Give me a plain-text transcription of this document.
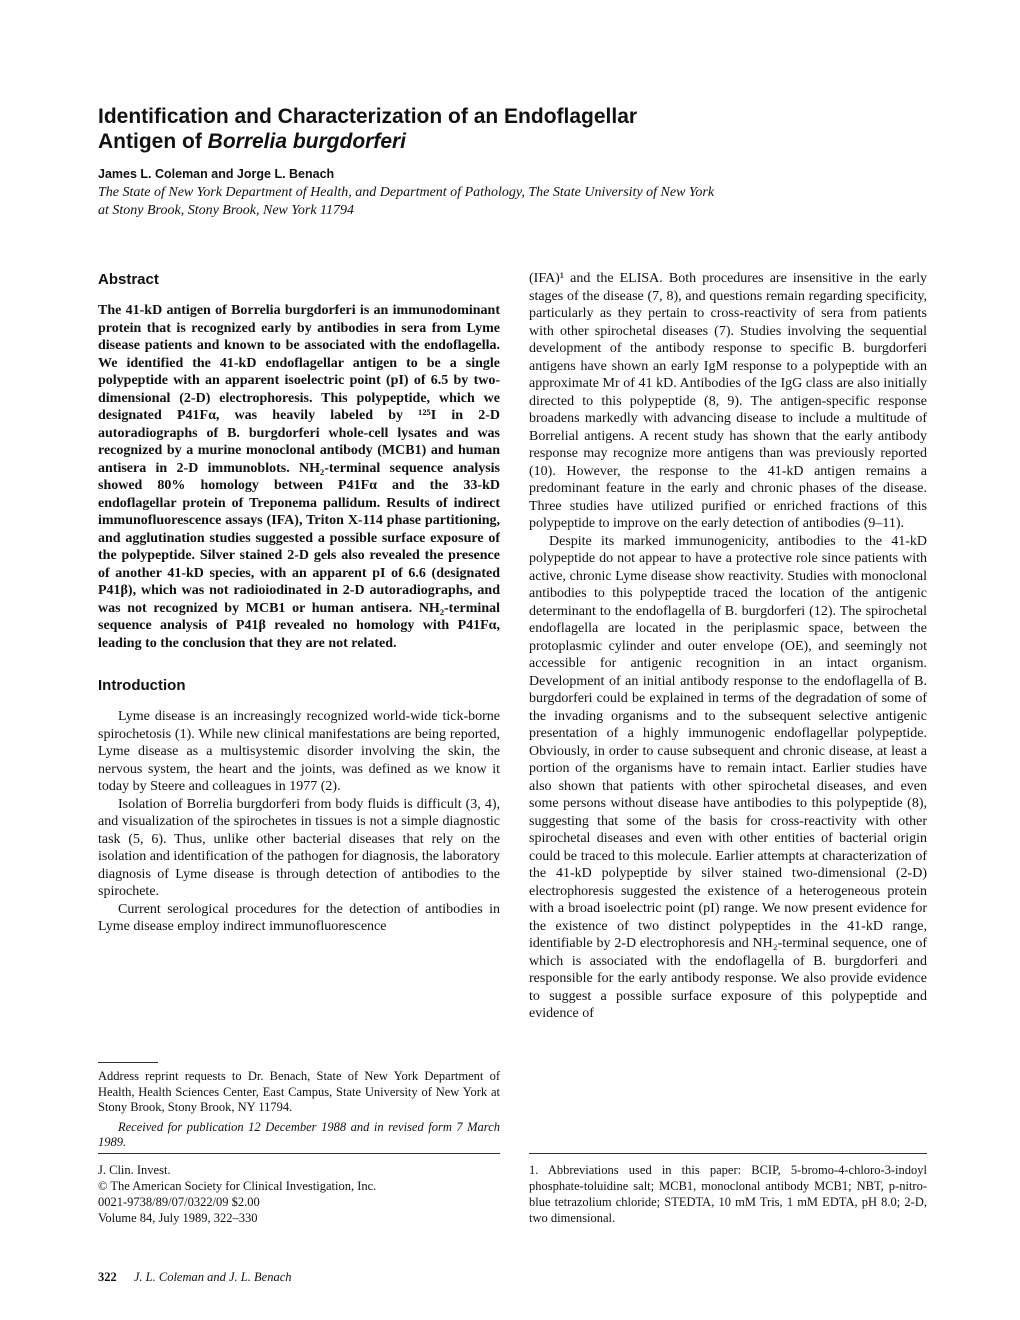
Identification and Characterization of an Endoflagellar
Antigen of Borrelia burgdorferi
James L. Coleman and Jorge L. Benach
The State of New York Department of Health, and Department of Pathology, The State University of New York
at Stony Brook, Stony Brook, New York 11794
Abstract

The 41-kD antigen of Borrelia burgdorferi is an immunodominant protein that is recognized early by antibodies in sera from Lyme disease patients and known to be associated with the endoflagella. We identified the 41-kD endoflagellar antigen to be a single polypeptide with an apparent isoelectric point (pI) of 6.5 by two-dimensional (2-D) electrophoresis. This polypeptide, which we designated P41Fα, was heavily labeled by ¹²⁵I in 2-D autoradiographs of B. burgdorferi whole-cell lysates and was recognized by a murine monoclonal antibody (MCB1) and human antisera in 2-D immunoblots. NH₂-terminal sequence analysis showed 80% homology between P41Fα and the 33-kD endoflagellar protein of Treponema pallidum. Results of indirect immunofluorescence assays (IFA), Triton X-114 phase partitioning, and agglutination studies suggested a possible surface exposure of the polypeptide. Silver stained 2-D gels also revealed the presence of another 41-kD species, with an apparent pI of 6.6 (designated P41β), which was not radioiodinated in 2-D autoradiographs, and was not recognized by MCB1 or human antisera. NH₂-terminal sequence analysis of P41β revealed no homology with P41Fα, leading to the conclusion that they are not related.

Introduction

Lyme disease is an increasingly recognized world-wide tick-borne spirochetosis (1). While new clinical manifestations are being reported, Lyme disease as a multisystemic disorder involving the skin, the nervous system, the heart and the joints, was defined as we know it today by Steere and colleagues in 1977 (2).

Isolation of Borrelia burgdorferi from body fluids is difficult (3, 4), and visualization of the spirochetes in tissues is not a simple diagnostic task (5, 6). Thus, unlike other bacterial diseases that rely on the isolation and identification of the pathogen for diagnosis, the laboratory diagnosis of Lyme disease is through detection of antibodies to the spirochete.

Current serological procedures for the detection of antibodies in Lyme disease employ indirect immunofluorescence

Address reprint requests to Dr. Benach, State of New York Department of Health, Health Sciences Center, East Campus, State University of New York at Stony Brook, Stony Brook, NY 11794.

Received for publication 12 December 1988 and in revised form 7 March 1989.

J. Clin. Invest.
© The American Society for Clinical Investigation, Inc.
0021-9738/89/07/0322/09 $2.00
Volume 84, July 1989, 322–330

(IFA)¹ and the ELISA. Both procedures are insensitive in the early stages of the disease (7, 8), and questions remain regarding specificity, particularly as they pertain to cross-reactivity of sera from patients with other spirochetal diseases (7). Studies involving the sequential development of the antibody response to specific B. burgdorferi antigens have shown an early IgM response to a polypeptide with an approximate Mr of 41 kD. Antibodies of the IgG class are also initially directed to this polypeptide (8, 9). The antigen-specific response broadens markedly with advancing disease to include a multitude of Borrelial antigens. A recent study has shown that the early antibody response may recognize more antigens than was previously reported (10). However, the response to the 41-kD antigen remains a predominant feature in the early and chronic phases of the disease. Three studies have utilized purified or enriched fractions of this polypeptide to improve on the early detection of antibodies (9–11).

Despite its marked immunogenicity, antibodies to the 41-kD polypeptide do not appear to have a protective role since patients with active, chronic Lyme disease show reactivity. Studies with monoclonal antibodies to this polypeptide traced the location of the antigenic determinant to the endoflagella of B. burgdorferi (12). The spirochetal endoflagella are located in the periplasmic space, between the protoplasmic cylinder and outer envelope (OE), and seemingly not accessible for antigenic recognition in an intact organism. Development of an initial antibody response to the endoflagella of B. burgdorferi could be explained in terms of the degradation of some of the invading organisms and to the subsequent selective antigenic presentation of a highly immunogenic endoflagellar polypeptide. Obviously, in order to cause subsequent and chronic disease, at least a portion of the organisms have to remain intact. Earlier studies have also shown that patients with other spirochetal diseases, and even some persons without disease have antibodies to this polypeptide (8), suggesting that some of the basis for cross-reactivity with other spirochetal diseases and even with other entities of bacterial origin could be traced to this molecule. Earlier attempts at characterization of the 41-kD polypeptide by silver stained two-dimensional (2-D) electrophoresis suggested the existence of a heterogeneous protein with a broad isoelectric point (pI) range. We now present evidence for the existence of two distinct polypeptides in the 41-kD range, identifiable by 2-D electrophoresis and NH₂-terminal sequence, one of which is associated with the endoflagella of B. burgdorferi and responsible for the early antibody response. We also provide evidence to suggest a possible surface exposure of this polypeptide and evidence of

1. Abbreviations used in this paper: BCIP, 5-bromo-4-chloro-3-indoyl phosphate-toluidine salt; MCB1, monoclonal antibody MCB1; NBT, p-nitro-blue tetrazolium chloride; STEDTA, 10 mM Tris, 1 mM EDTA, pH 8.0; 2-D, two dimensional.
322 J. L. Coleman and J. L. Benach
